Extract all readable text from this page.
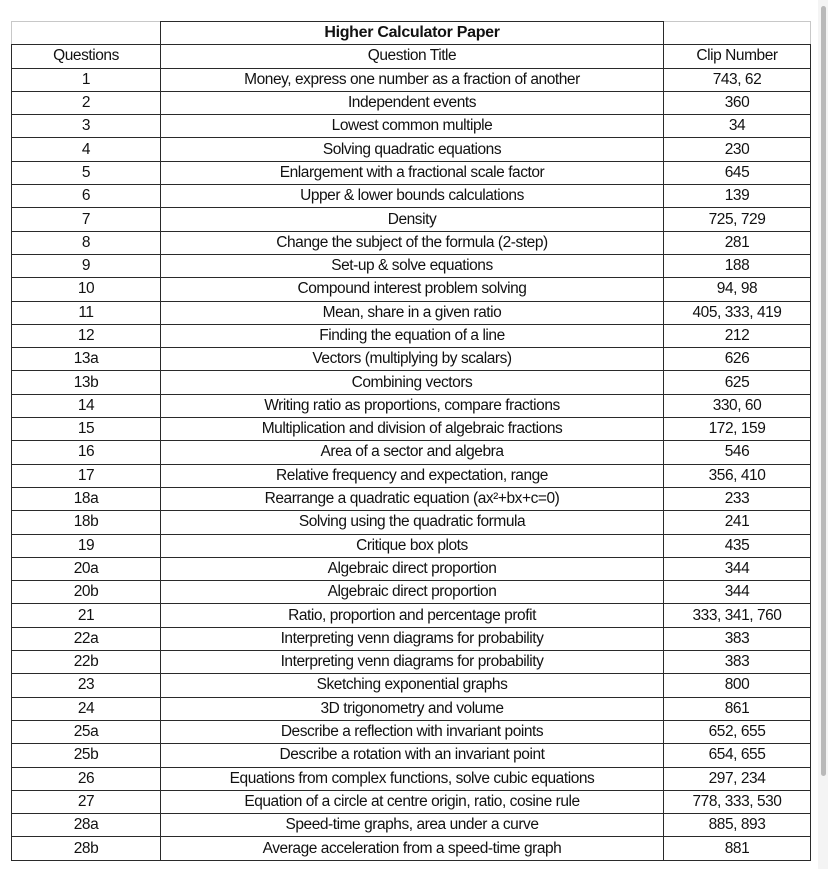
	Higher Calculator Paper	
Questions	Question Title	Clip Number
1	Money, express one number as a fraction of another	743, 62
2	Independent events	360
3	Lowest common multiple	34
4	Solving quadratic equations	230
5	Enlargement with a fractional scale factor	645
6	Upper & lower bounds calculations	139
7	Density	725, 729
8	Change the subject of the formula (2-step)	281
9	Set-up & solve equations	188
10	Compound interest problem solving	94, 98
11	Mean, share in a given ratio	405, 333, 419
12	Finding the equation of a line	212
13a	Vectors (multiplying by scalars)	626
13b	Combining vectors	625
14	Writing ratio as proportions, compare fractions	330, 60
15	Multiplication and division of algebraic fractions	172, 159
16	Area of a sector and algebra	546
17	Relative frequency and expectation, range	356, 410
18a	Rearrange a quadratic equation (ax²+bx+c=0)	233
18b	Solving using the quadratic formula	241
19	Critique box plots	435
20a	Algebraic direct proportion	344
20b	Algebraic direct proportion	344
21	Ratio, proportion and percentage profit	333, 341, 760
22a	Interpreting venn diagrams for probability	383
22b	Interpreting venn diagrams for probability	383
23	Sketching exponential graphs	800
24	3D trigonometry and volume	861
25a	Describe a reflection with invariant points	652, 655
25b	Describe a rotation with an invariant point	654, 655
26	Equations from complex functions, solve cubic equations	297, 234
27	Equation of a circle at centre origin, ratio, cosine rule	778, 333, 530
28a	Speed-time graphs, area under a curve	885, 893
28b	Average acceleration from a speed-time graph	881
